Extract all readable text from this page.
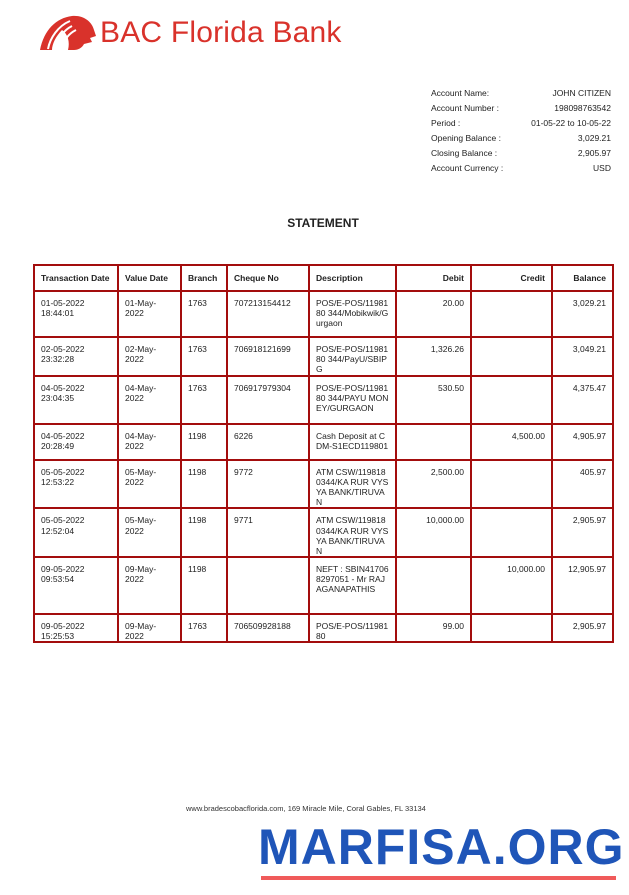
BAC Florida Bank
Account Name:	JOHN CITIZEN
Account Number :	198098763542
Period :	01-05-22 to 10-05-22
Opening Balance :	3,029.21
Closing Balance :	2,905.97
Account Currency :	USD
STATEMENT
Transaction Date	Value Date	Branch	Cheque No	Description	Debit	Credit	Balance
01-05-2022 18:44:01	01-May-2022	1763	707213154412	POS/E-POS/1198180 344/Mobikwik/Gurgaon	20.00		3,029.21
02-05-2022 23:32:28	02-May-2022	1763	706918121699	POS/E-POS/1198180 344/PayU/SBIPG	1,326.26		3,049.21
04-05-2022 23:04:35	04-May-2022	1763	706917979304	POS/E-POS/1198180 344/PAYU MONEY/GURGAON	530.50		4,375.47
04-05-2022 20:28:49	04-May-2022	1198	6226	Cash Deposit at CDM-S1ECD119801		4,500.00	4,905.97
05-05-2022 12:53:22	05-May-2022	1198	9772	ATM CSW/1198180344/KA RUR VYSYA BANK/TIRUVAN	2,500.00		405.97
05-05-2022 12:52:04	05-May-2022	1198	9771	ATM CSW/1198180344/KA RUR VYSYA BANK/TIRUVAN	10,000.00		2,905.97
09-05-2022 09:53:54	09-May-2022	1198		NEFT : SBIN417068297051 - Mr RAJAGANAPATHIS		10,000.00	12,905.97
09-05-2022 15:25:53	09-May-2022	1763	706509928188	POS/E-POS/1198180	99.00		2,905.97
www.bradescobacflorida.com, 169 Miracle Mile, Coral Gables, FL 33134
MARFISA.ORG
